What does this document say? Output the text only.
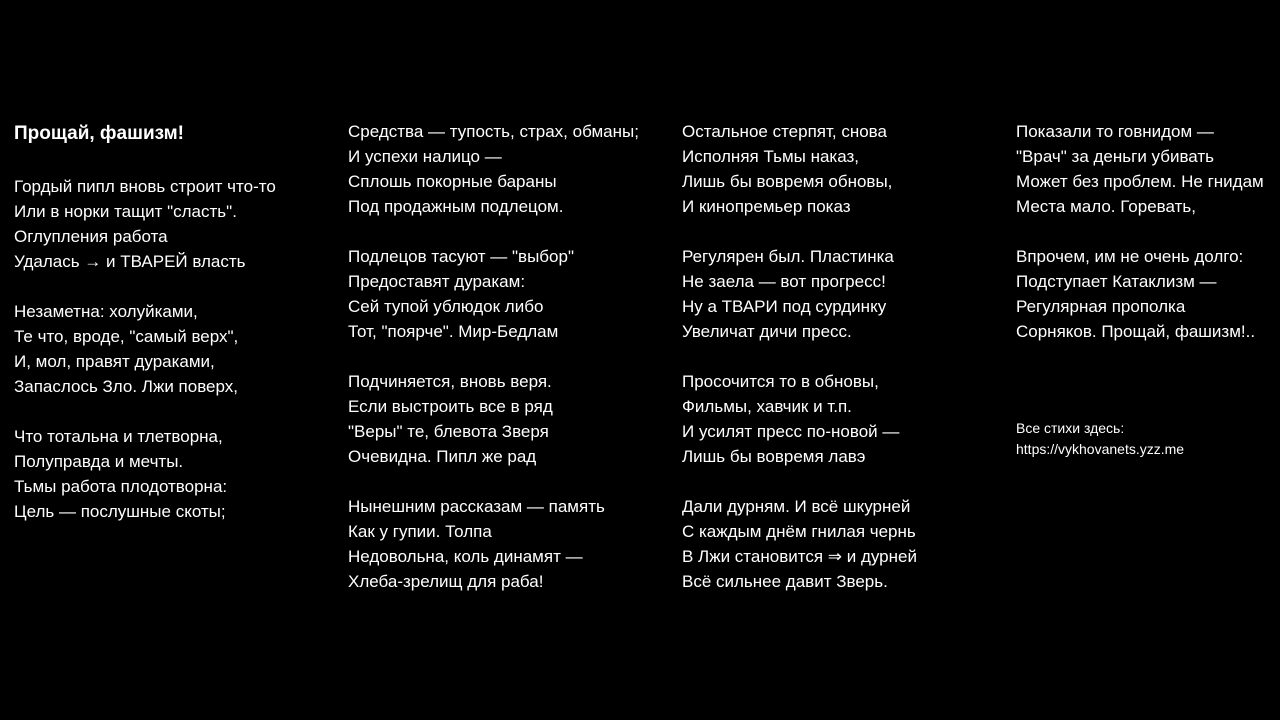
Прощай, фашизм!
Гордый пипл вновь строит что-то
Или в норки тащит "сласть".
Оглупления работа
Удалась → и ТВАРЕЙ власть
Незаметна: холуйками,
Те что, вроде, "самый верх",
И, мол, правят дураками,
Запаслось Зло. Лжи поверх,
Что тотальна и тлетворна,
Полуправда и мечты.
Тьмы работа плодотворна:
Цель — послушные скоты;
Средства — тупость, страх, обманы;
И успехи налицо —
Сплошь покорные бараны
Под продажным подлецом.
Подлецов тасуют — "выбор"
Предоставят дуракам:
Сей тупой ублюдок либо
Тот, "поярче". Мир-Бедлам
Подчиняется, вновь веря.
Если выстроить все в ряд
"Веры" те, блевота Зверя
Очевидна. Пипл же рад
Нынешним рассказам — память
Как у гупии. Толпа
Недовольна, коль динамят —
Хлеба-зрелищ для раба!
Остальное стерпят, снова
Исполняя Тьмы наказ,
Лишь бы вовремя обновы,
И кинопремьер показ
Регулярен был. Пластинка
Не заела — вот прогресс!
Ну а ТВАРИ под сурдинку
Увеличат дичи пресс.
Просочится то в обновы,
Фильмы, хавчик и т.п.
И усилят пресс по-новой —
Лишь бы вовремя лавэ
Дали дурням. И всё шкурней
С каждым днём гнилая чернь
В Лжи становится ⇒ и дурней
Всё сильнее давит Зверь.
Показали то говнидом —
"Врач" за деньги убивать
Может без проблем. Не гнидам
Места мало. Горевать,
Впрочем, им не очень долго:
Подступает Катаклизм —
Регулярная прополка
Сорняков. Прощай, фашизм!..
Все стихи здесь:
https://vykhovanets.yzz.me
